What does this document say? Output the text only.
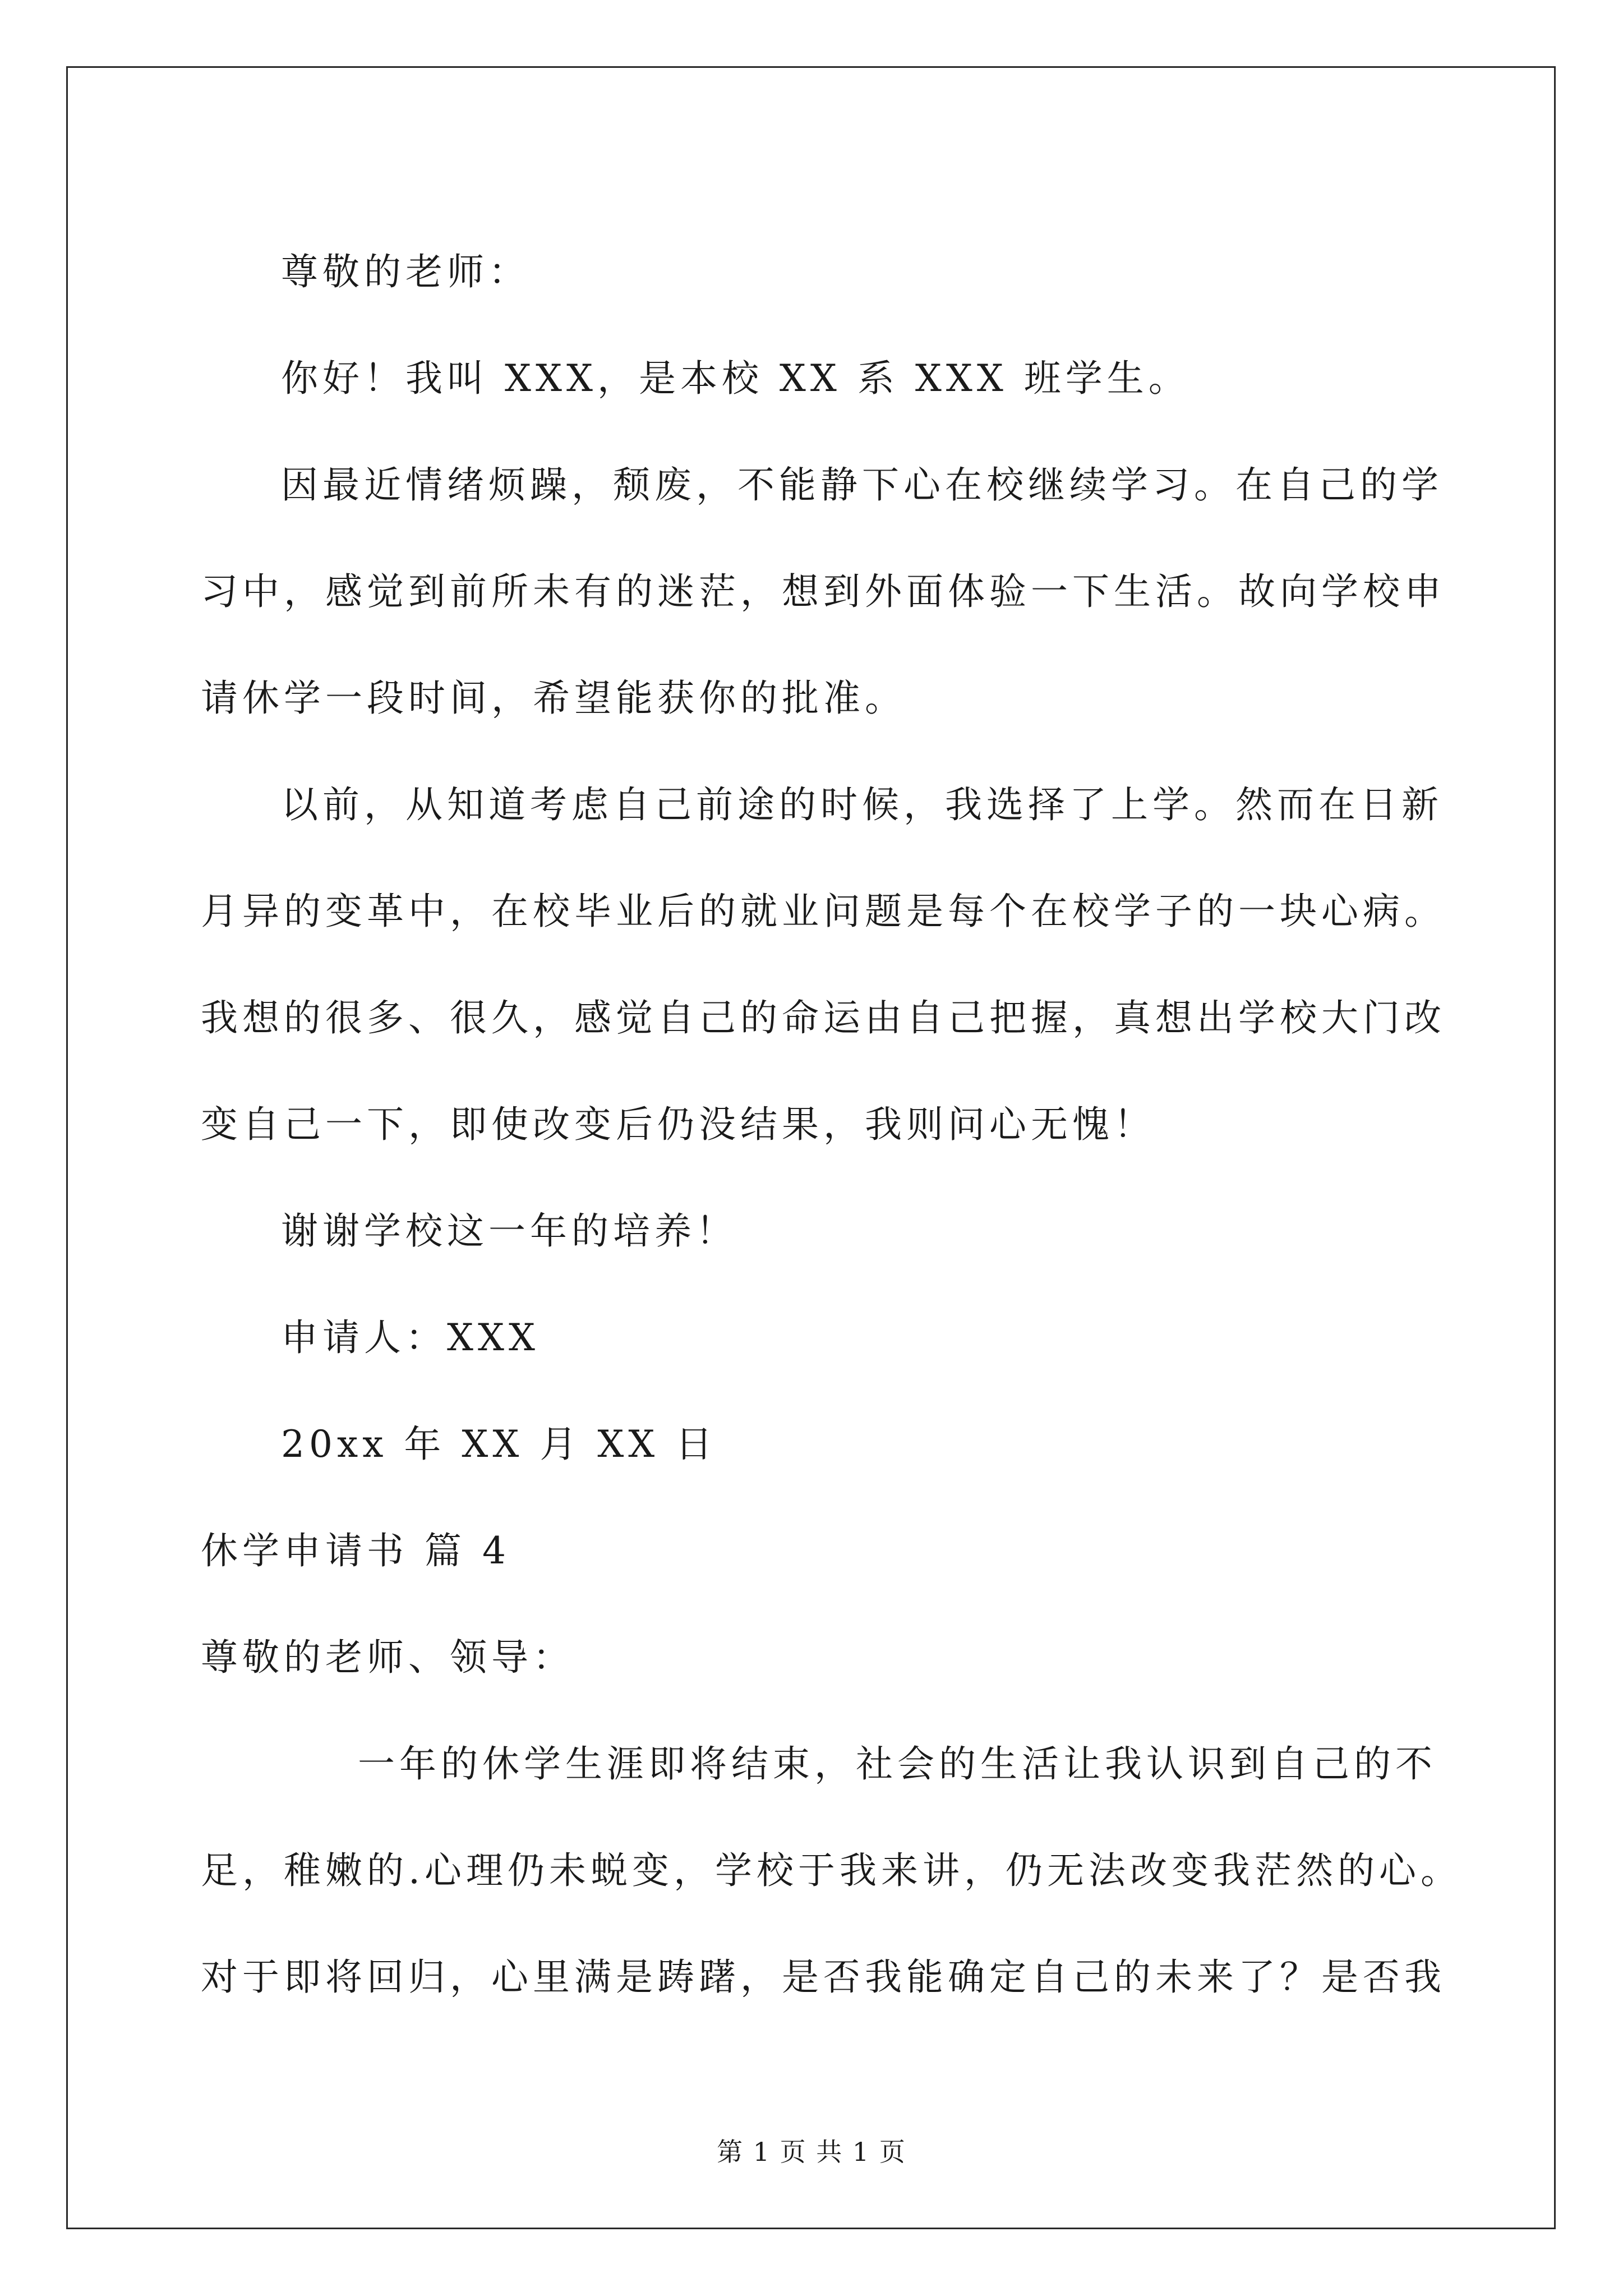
尊敬的老师：
你好！我叫 XXX，是本校 XX 系 XXX 班学生。
因最近情绪烦躁，颓废，不能静下心在校继续学习。在自己的学
习中，感觉到前所未有的迷茫，想到外面体验一下生活。故向学校申
请休学一段时间，希望能获你的批准。
以前，从知道考虑自己前途的时候，我选择了上学。然而在日新
月异的变革中，在校毕业后的就业问题是每个在校学子的一块心病。
我想的很多、很久，感觉自己的命运由自己把握，真想出学校大门改
变自己一下，即使改变后仍没结果，我则问心无愧！
谢谢学校这一年的培养！
申请人：XXX
20xx 年 XX 月 XX 日
休学申请书 篇 4
尊敬的老师、领导：
一年的休学生涯即将结束，社会的生活让我认识到自己的不
足，稚嫩的.心理仍未蜕变，学校于我来讲，仍无法改变我茫然的心。
对于即将回归，心里满是踌躇，是否我能确定自己的未来了？是否我
第 1 页 共 1 页
